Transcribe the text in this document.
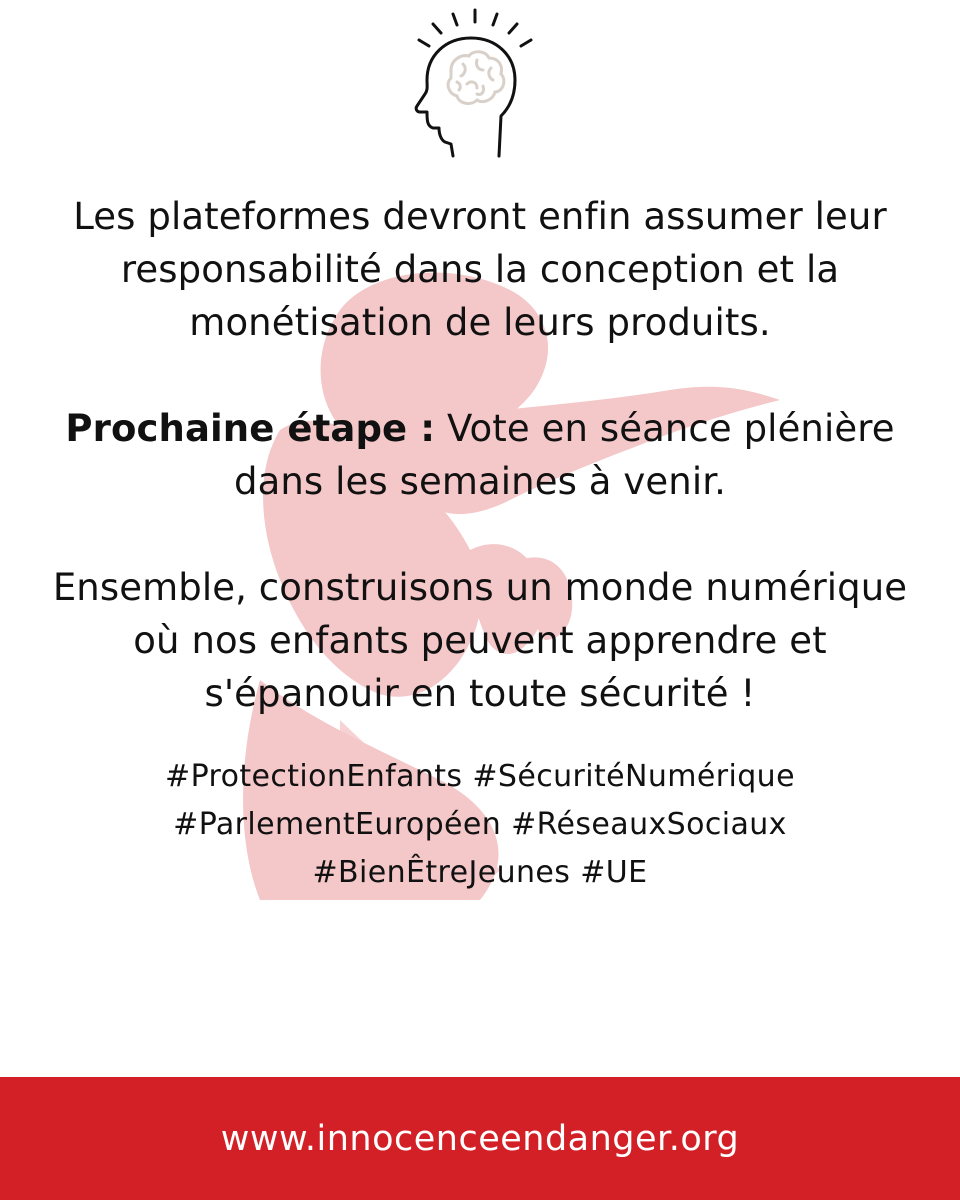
Les plateformes devront enfin assumer leur responsabilité dans la conception et la monétisation de leurs produits.

Prochaine étape : Vote en séance plénière dans les semaines à venir.

Ensemble, construisons un monde numérique où nos enfants peuvent apprendre et s'épanouir en toute sécurité !

#ProtectionEnfants #SécuritéNumérique #ParlementEuropéen #RéseauxSociaux #BienÊtreJeunes #UE

www.innocenceendanger.org
